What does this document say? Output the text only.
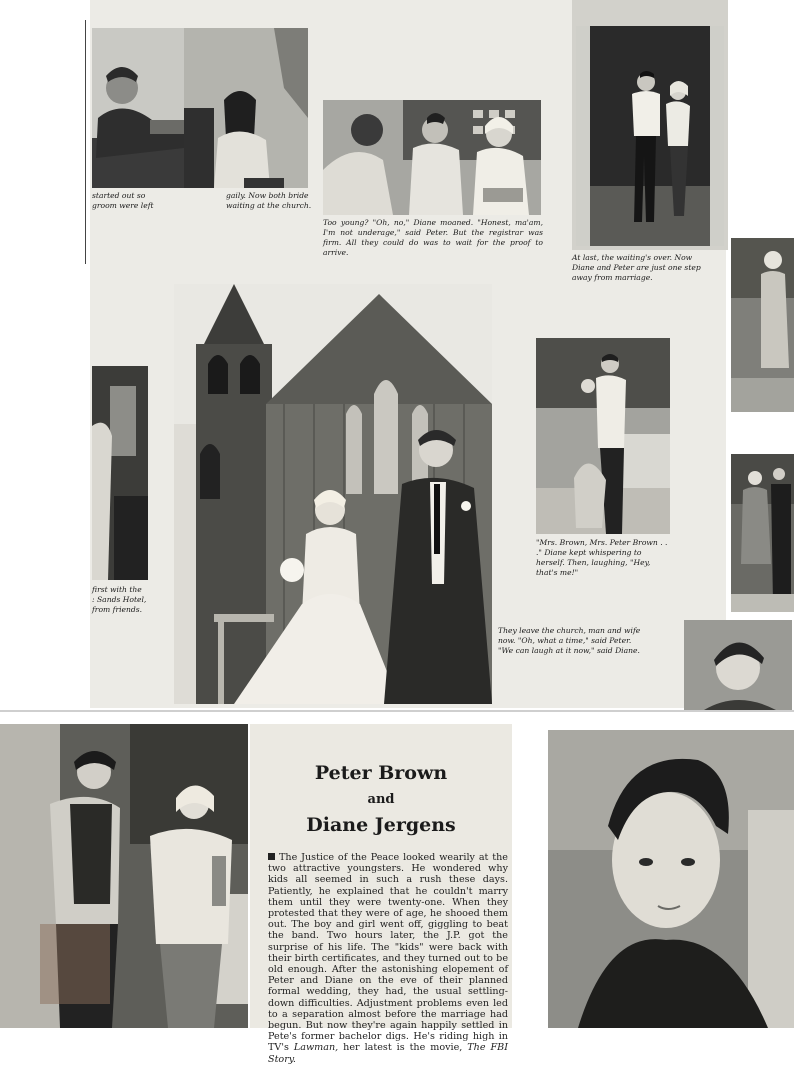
started out so
groom were left
gaily. Now both bride
waiting at the church.
Too young? "Oh, no," Diane moaned. "Honest, ma'am, I'm not underage," said Peter. But the registrar was firm. All they could do was to wait for the proof to arrive.
At last, the waiting's over. Now Diane and Peter are just one step away from marriage.
first with the
: Sands Hotel,
from friends.
"Mrs. Brown, Mrs. Peter Brown . . ." Diane kept whispering to herself. Then, laughing, "Hey, that's me!"
They leave the church, man and wife now. "Oh, what a time," said Peter. "We can laugh at it now," said Diane.
Peter Brown
and
Diane Jergens
The Justice of the Peace looked wearily at the two attractive youngsters. He wondered why kids all seemed in such a rush these days. Patiently, he explained that he couldn't marry them until they were twenty-one. When they protested that they were of age, he shooed them out. The boy and girl went off, giggling to beat the band. Two hours later, the J.P. got the surprise of his life. The "kids" were back with their birth certificates, and they turned out to be old enough. After the astonishing elopement of Peter and Diane on the eve of their planned formal wedding, they had, the usual settling-down difficulties. Adjustment problems even led to a separation almost before the marriage had begun. But now they're again happily settled in Pete's former bachelor digs. He's riding high in TV's Lawman, her latest is the movie, The FBI Story.
